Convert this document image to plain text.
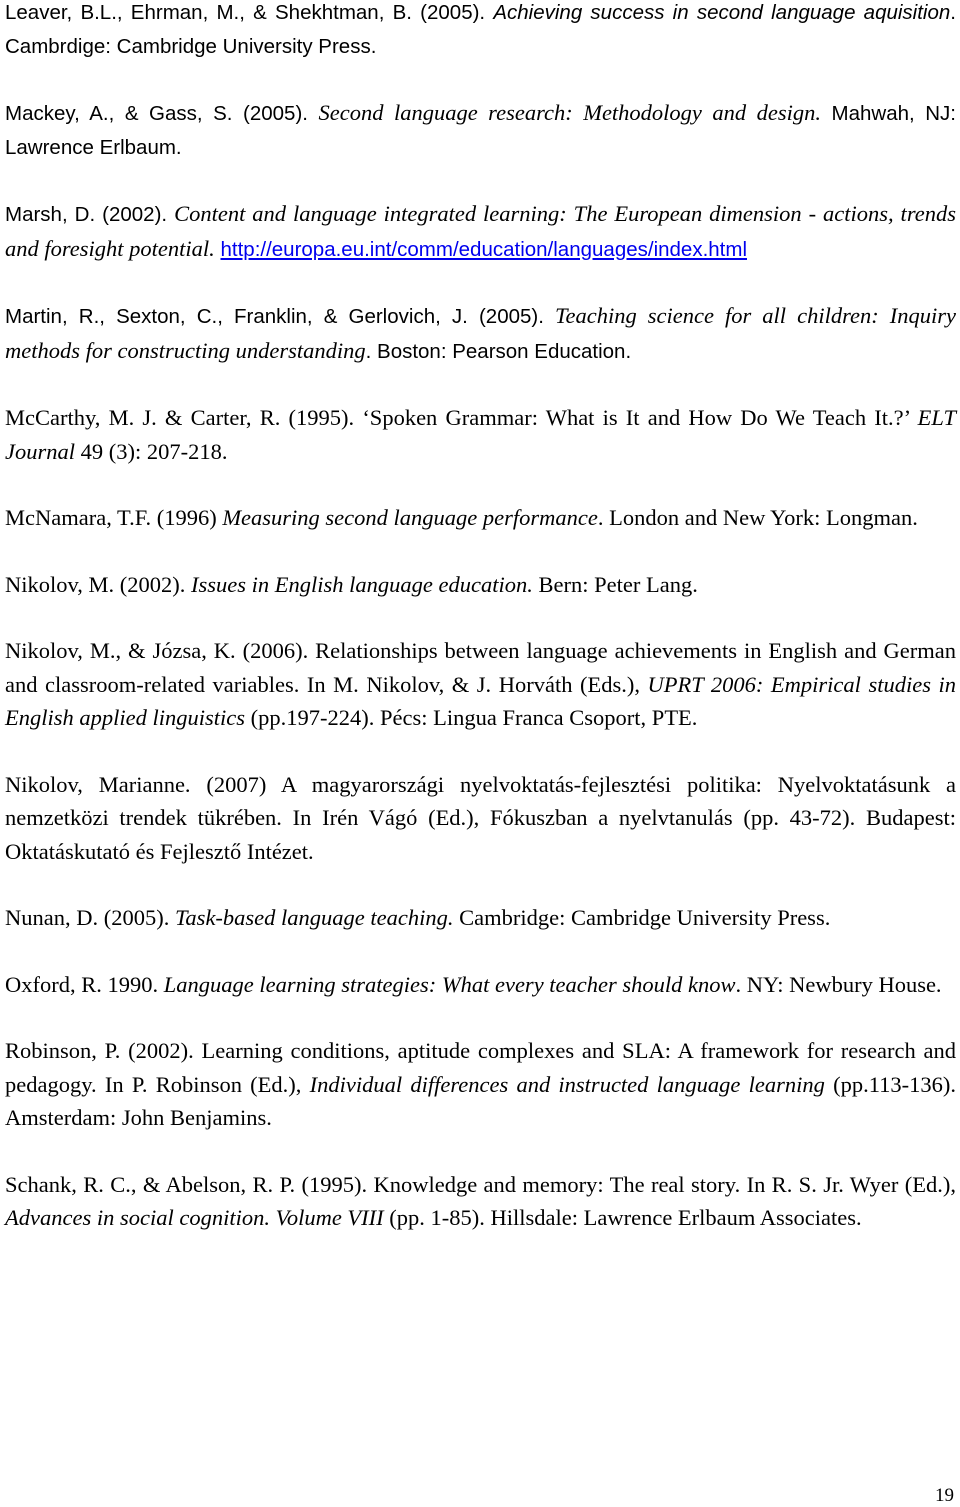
Leaver, B.L., Ehrman, M., & Shekhtman, B. (2005). Achieving success in second language aquisition. Cambrdige: Cambridge University Press.

Mackey, A., & Gass, S. (2005). Second language research: Methodology and design. Mahwah, NJ: Lawrence Erlbaum.

Marsh, D. (2002). Content and language integrated learning: The European dimension - actions, trends and foresight potential. http://europa.eu.int/comm/education/languages/index.html

Martin, R., Sexton, C., Franklin, & Gerlovich, J. (2005). Teaching science for all children: Inquiry methods for constructing understanding. Boston: Pearson Education.

McCarthy, M. J. & Carter, R. (1995). ‘Spoken Grammar: What is It and How Do We Teach It.?’ ELT Journal 49 (3): 207-218.

McNamara, T.F. (1996) Measuring second language performance. London and New York: Longman.

Nikolov, M. (2002). Issues in English language education. Bern: Peter Lang.

Nikolov, M., & Józsa, K. (2006). Relationships between language achievements in English and German and classroom-related variables. In M. Nikolov, & J. Horváth (Eds.), UPRT 2006: Empirical studies in English applied linguistics (pp.197-224). Pécs: Lingua Franca Csoport, PTE.

Nikolov, Marianne. (2007) A magyarországi nyelvoktatás-fejlesztési politika: Nyelvoktatásunk a nemzetközi trendek tükrében. In Irén Vágó (Ed.), Fókuszban a nyelvtanulás (pp. 43-72). Budapest: Oktatáskutató és Fejlesztő Intézet.

Nunan, D. (2005). Task-based language teaching. Cambridge: Cambridge University Press.

Oxford, R. 1990. Language learning strategies: What every teacher should know. NY: Newbury House.

Robinson, P. (2002). Learning conditions, aptitude complexes and SLA: A framework for research and pedagogy. In P. Robinson (Ed.), Individual differences and instructed language learning (pp.113-136). Amsterdam: John Benjamins.

Schank, R. C., & Abelson, R. P. (1995). Knowledge and memory: The real story. In R. S. Jr. Wyer (Ed.), Advances in social cognition. Volume VIII (pp. 1-85). Hillsdale: Lawrence Erlbaum Associates.

19
